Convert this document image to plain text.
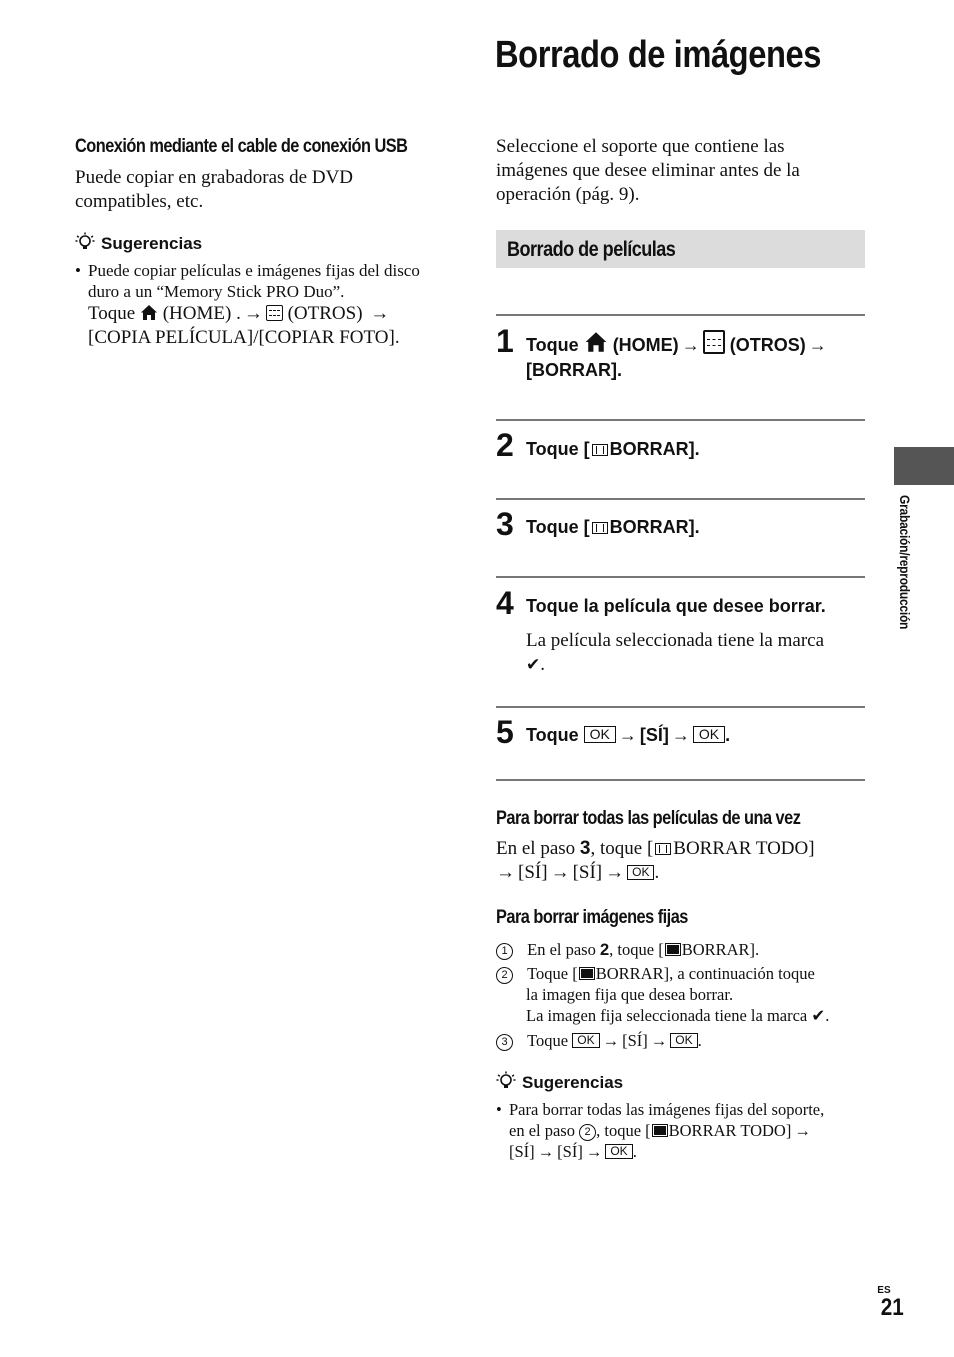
Borrado de imágenes
Conexión mediante el cable de conexión USB
Puede copiar en grabadoras de DVD compatibles, etc.
Sugerencias
• Puede copiar películas e imágenes fijas del disco duro a un “Memory Stick PRO Duo”.
Toque (HOME) . → (OTROS) →
[COPIA PELÍCULA]/[COPIAR FOTO].
Seleccione el soporte que contiene las imágenes que desee eliminar antes de la operación (pág. 9).
Borrado de películas
1 Toque (HOME) → (OTROS) →
[BORRAR].
2 Toque [ BORRAR].
3 Toque [ BORRAR].
4 Toque la película que desee borrar.
La película seleccionada tiene la marca
✔.
5 Toque OK → [SÍ] → OK .
Para borrar todas las películas de una vez
En el paso 3, toque [ BORRAR TODO]
→ [SÍ] → [SÍ] → OK .
Para borrar imágenes fijas
1 En el paso 2, toque [ BORRAR].
2 Toque [ BORRAR], a continuación toque
la imagen fija que desea borrar.
La imagen fija seleccionada tiene la marca ✔.
3 Toque OK → [SÍ] → OK .
Sugerencias
• Para borrar todas las imágenes fijas del soporte,
en el paso 2 , toque [ BORRAR TODO] →
[SÍ] → [SÍ] → OK .
Grabación/reproducción
ES
21
